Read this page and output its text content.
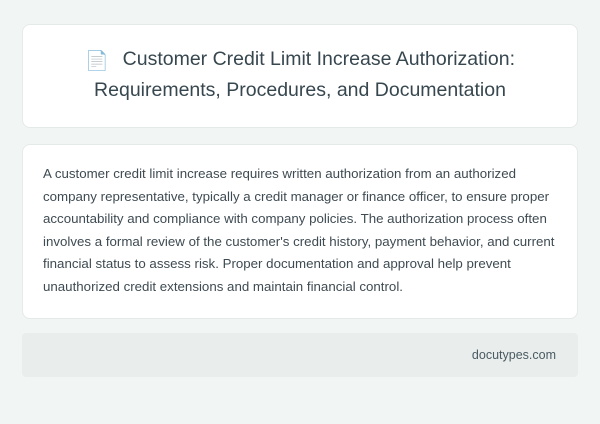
📄 Customer Credit Limit Increase Authorization: Requirements, Procedures, and Documentation

A customer credit limit increase requires written authorization from an authorized company representative, typically a credit manager or finance officer, to ensure proper accountability and compliance with company policies. The authorization process often involves a formal review of the customer's credit history, payment behavior, and current financial status to assess risk. Proper documentation and approval help prevent unauthorized credit extensions and maintain financial control.

docutypes.com
